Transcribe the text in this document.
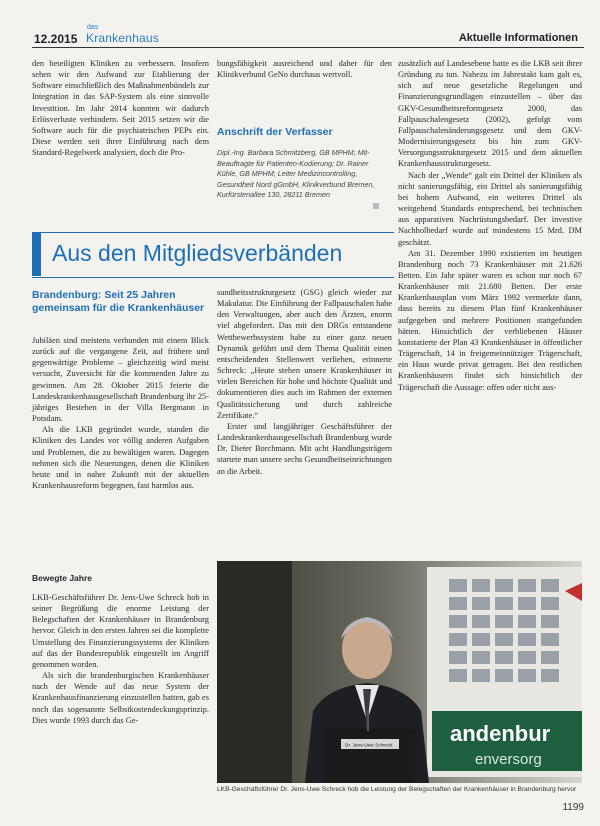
12.2015
das
Krankenhaus	Aktuelle Informationen

den beteiligten Kliniken zu verbessern. Insofern sehen wir den Aufwand zur Etablierung der Software einschließlich des Maßnahmenbündels zur Integration in das SAP-System als eine sinnvolle Investition. Im Jahr 2014 konnten wir dadurch Erlösverluste verhindern. Seit 2015 setzen wir die Software auch für die psychiatrischen PEPs ein. Diese werden seit ihrer Einführung nach dem Standard-Regelwerk analysiert, doch die Pro-

bungsfähigkeit ausreichend und daher für den Klinikverbund GeNo durchaus wertvoll.

Anschrift der Verfasser
Dipl.-Ing. Barbara Schmitzberg, GB MPHM; Mit-Beauftragte für Patienten-Kodierung; Dr. Rainer Kühle, GB MPHM; Leiter Medizincontrolling, Gesundheit Nord gGmbH, Klinikverbund Bremen, Kurfürstenallee 130, 28211 Bremen
Aus den Mitgliedsverbänden
Brandenburg: Seit 25 Jahren gemeinsam für die Krankenhäuser

Jubiläen sind meistens verbunden mit einem Blick zurück auf die vergangene Zeit, auf frühere und gegenwärtige Probleme – gleichzeitig wird meist versucht, Zuversicht für die kommenden Jahre zu gewinnen. Am 28. Oktober 2015 feierte die Landeskrankenhausgesellschaft Brandenburg ihr 25-jähriges Bestehen in der Villa Bergmann in Potsdam.

Als die LKB gegründet wurde, standen die Kliniken des Landes vor völlig anderen Aufgaben und Problemen, die zu bewältigen waren. Dagegen nehmen sich die Neuerungen, denen die Kliniken heute und in naher Zukunft mit der aktuellen Krankenhausreform begegnen, fast harmlos aus.

Bewegte Jahre

LKB-Geschäftsführer Dr. Jens-Uwe Schreck hob in seiner Begrüßung die enorme Leistung der Belegschaften der Krankenhäuser in Brandenburg hervor. Gleich in den ersten Jahren sei die komplette Umstellung des Finanzierungssystems der Kliniken auf das der Bundesrepublik eingestellt im Angriff genommen worden.

Als sich die brandenburgischen Krankenhäuser nach der Wende auf das neue System der Krankenhausfinanzierung einzustellen hatten, gab es noch das sogenannte Selbstkostendeckungsprinzip. Dies wurde 1993 durch das Ge-

sundheitsstrukturgesetz (GSG) gleich wieder zur Makulatur. Die Einführung der Fallpauschalen habe den Verwaltungen, aber auch den Ärzten, enorm viel abgefordert. Das mit den DRGs entstandene Wettbewerbssystem habe zu einer ganz neuen Dynamik geführt und dem Thema Qualität einen entscheidenden Stellenwert verliehen, erinnerte Schreck: „Heute stehen unsere Krankenhäuser in vielen Bereichen für hohe und höchste Qualität und dokumentieren dies auch im Rahmen der externen Qualitätssicherung und durch zahlreiche Zertifikate.“

Erster und langjähriger Geschäftsführer der Landeskrankenhausgesellschaft Brandenburg wurde Dr. Dieter Borchmann. Mit acht Handlungsträgern startete man unsere sechs Gesundheitseinrichtungen an die Arbeit.

zusätzlich auf Landesebene hatte es die LKB seit ihrer Gründung zu tun. Nahezu im Jahrestakt kam galt es, sich auf neue gesetzliche Regelungen und Finanzierungsgrundlagen einzustellen – über das GKV-Gesundheitsreformgesetz 2000, das Fallpauschalengesetz (2002), gefolgt vom Fallpauschalenänderungsgesetz und dem GKV-Modernisierungsgesetz bis hin zum GKV-Versorgungsstrukturgesetz 2015 und dem aktuellen Krankenhausstrukturgesetz.

Nach der „Wende“ galt ein Drittel der Kliniken als nicht sanierungsfähig, ein Drittel als sanierungsfähig bei hohem Aufwand, ein weiteres Drittel als weitgehend Standards entsprechend, bei technischen aus apparativen Nachrüstungsbedarf. Der investive Nachholbedarf wurde auf mindestens 15 Mrd. DM geschätzt.

Am 31. Dezember 1990 existierten im heutigen Brandenburg noch 73 Krankenhäuser mit 21.626 Betten. Ein Jahr später waren es schon nur noch 67 Krankenhäuser mit 21.680 Betten. Der erste Krankenhausplan vom März 1992 vermerkte dann, dass bereits zu diesem Plan fünf Krankenhäuser aufgegeben und mehrere Positionen stattgefunden hätten. Hinsichtlich der verbliebenen Häuser konstatierte der Plan 43 Krankenhäuser in öffentlicher Trägerschaft, 14 in freigemeinnütziger Trägerschaft, ein Haus wurde privat getragen. Bei den restlichen Krankenhäusern findet sich hinsichtlich der Trägerschaft die Aussage: offen oder nicht aus-

andenbur
enversorg
Dr. Jens-Uwe Schreck
LKB-Geschäftsführer Dr. Jens-Uwe Schreck hob die Leistung der Belegschaften der Krankenhäuser in Brandenburg hervor
1199
